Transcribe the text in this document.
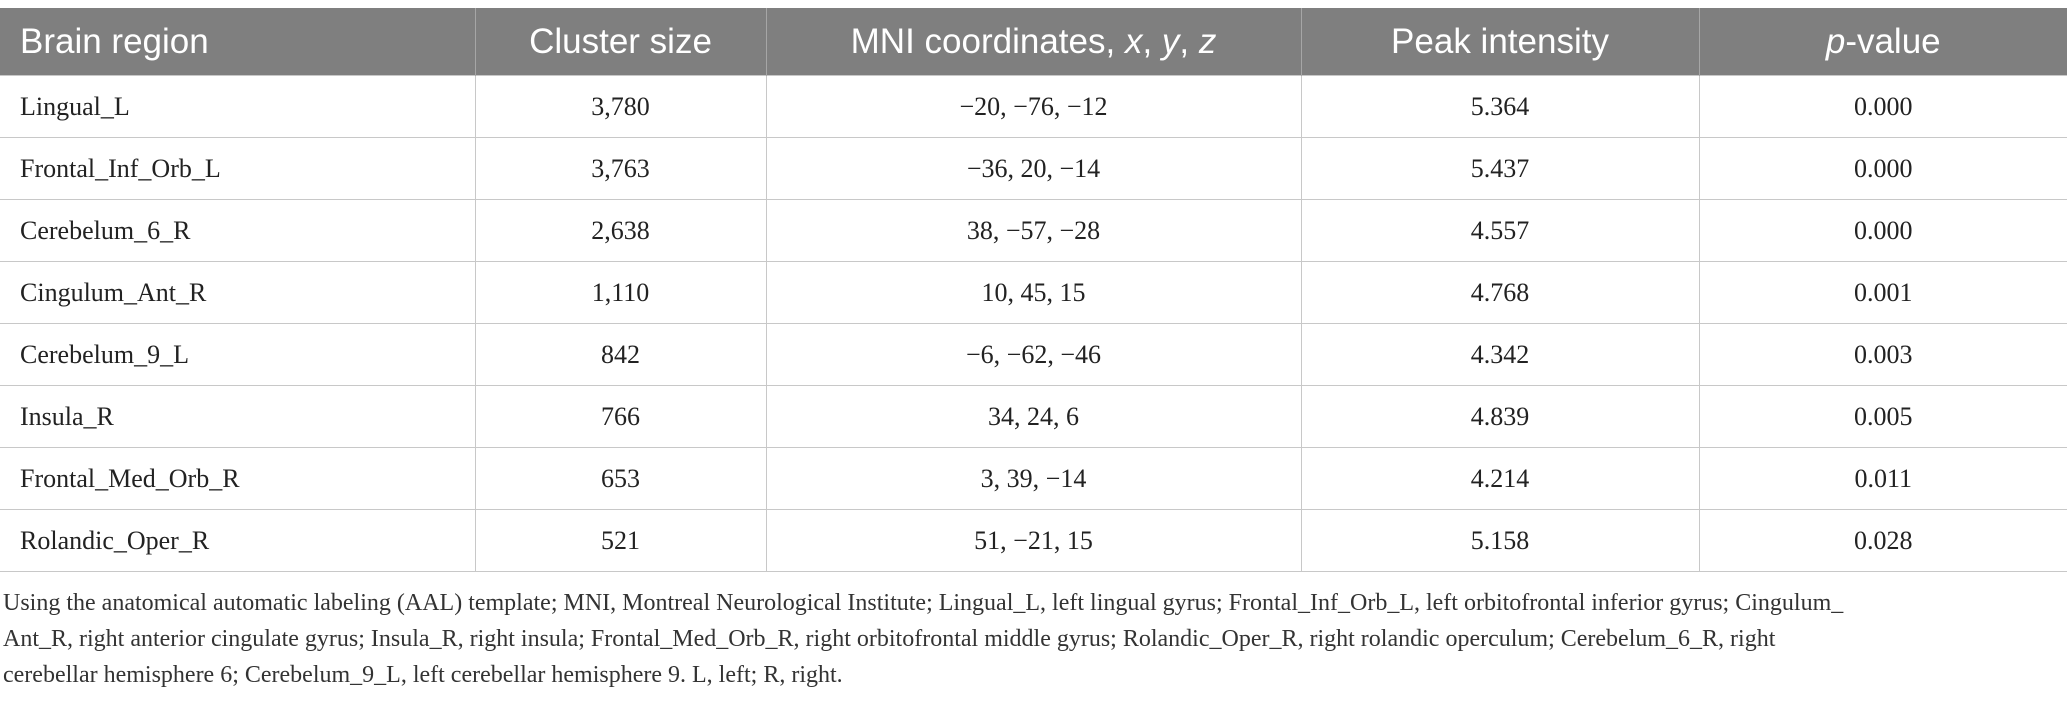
Brain region	Cluster size	MNI coordinates, x, y, z	Peak intensity	p-value
Lingual_L	3,780	−20, −76, −12	5.364	0.000
Frontal_Inf_Orb_L	3,763	−36, 20, −14	5.437	0.000
Cerebelum_6_R	2,638	38, −57, −28	4.557	0.000
Cingulum_Ant_R	1,110	10, 45, 15	4.768	0.001
Cerebelum_9_L	842	−6, −62, −46	4.342	0.003
Insula_R	766	34, 24, 6	4.839	0.005
Frontal_Med_Orb_R	653	3, 39, −14	4.214	0.011
Rolandic_Oper_R	521	51, −21, 15	5.158	0.028

Using the anatomical automatic labeling (AAL) template; MNI, Montreal Neurological Institute; Lingual_L, left lingual gyrus; Frontal_Inf_Orb_L, left orbitofrontal inferior gyrus; Cingulum_

Ant_R, right anterior cingulate gyrus; Insula_R, right insula; Frontal_Med_Orb_R, right orbitofrontal middle gyrus; Rolandic_Oper_R, right rolandic operculum; Cerebelum_6_R, right

cerebellar hemisphere 6; Cerebelum_9_L, left cerebellar hemisphere 9. L, left; R, right.
